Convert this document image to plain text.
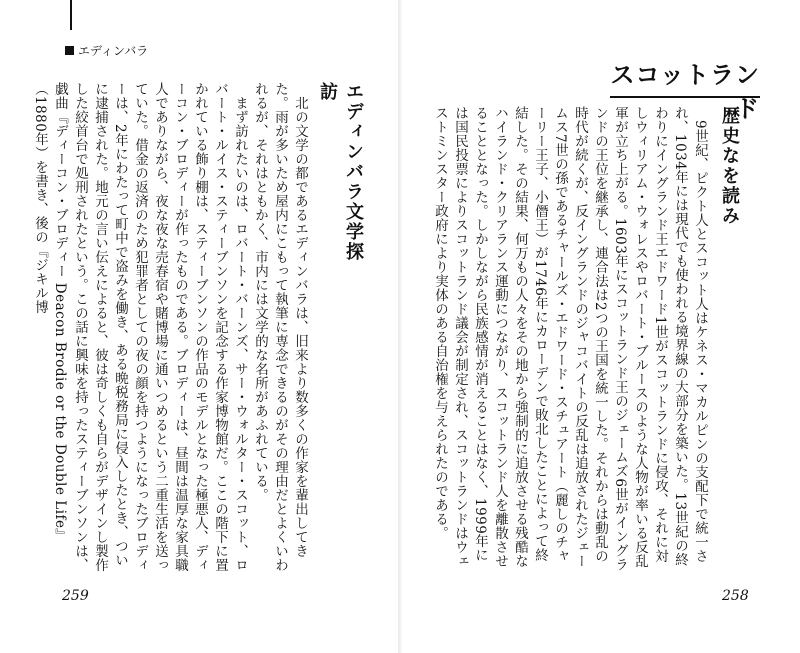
エディンバラ
エディンバラ文学探訪

北の文学の都であるエディンバラは、旧来より数多くの作家を輩出してきた。雨が多いため屋内にこもって執筆に専念できるのがその理由だとよくいわれるが、それはともかく、市内には文学的な名所があふれている。

まず訪れたいのは、ロバート・バーンズ、サー・ウォルター・スコット、ロバート・ルイス・スティーブンソンを記念する作家博物館だ。ここの階下に置かれている飾り棚は、スティーブンソンの作品のモデルとなった極悪人、ディーコン・ブロディーが作ったものである。ブロディーは、昼間は温厚な家具職人でありながら、夜な夜な売春宿や賭博場に通いつめるという二重生活を送っていた。借金の返済のため犯罪者としての夜の顔を持つようになったブロディーは、2年にわたって町中で盗みを働き、ある晩税務局に侵入したとき、ついに逮捕された。地元の言い伝えによると、彼は奇しくも自らがデザインし製作した絞首台で処刑されたという。この話に興味を持ったスティーブンソンは、戯曲『ディーコン・ブロディー Deacon Brodie or the Double Life』（1880年）を書き、後の『ジキル博

259
スコットランド
歴史なを読み

9世紀、ピクト人とスコット人はケネス・マカルピンの支配下で統一され、1034年には現代でも使われる境界線の大部分を築いた。13世紀の終わりにイングランド王エドワード1世がスコットランドに侵攻、それに対しウィリアム・ウォレスやロバート・ブルースのような人物が率いる反乱軍が立ち上がる。1603年にスコットランド王のジェームズ6世がイングランドの王位を継承し、連合法は2つの王国を統一した。それからは動乱の時代が続くが、反イングランドのジャコバイトの反乱は追放されたジェームス7世の孫であるチャールズ・エドワード・スチュアート（麗しのチャーリー王子、小僭王）が1746年にカローデンで敗北したことによって終結した。その結果、何万もの人々をその地から強制的に追放させる残酷なハイランド・クリアランス運動につながり、スコットランド人を離散させることとなった。しかしながら民族感情が消えることはなく、1999年には国民投票によりスコットランド議会が制定され、スコットランドはウェストミンスター政府により実体のある自治権を与えられたのである。

258
